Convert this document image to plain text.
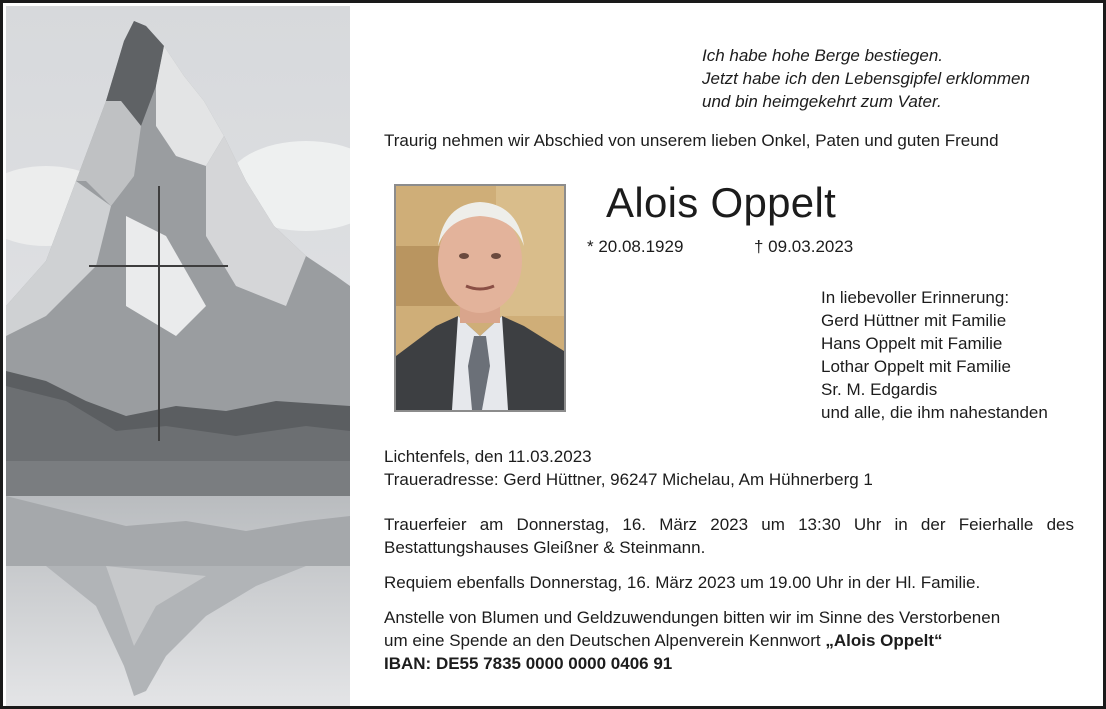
Ich habe hohe Berge bestiegen.
Jetzt habe ich den Lebensgipfel erklommen
und bin heimgekehrt zum Vater.
Traurig nehmen wir Abschied von unserem lieben Onkel, Paten und guten Freund
Alois Oppelt
* 20.08.1929	† 09.03.2023
In liebevoller Erinnerung:
Gerd Hüttner mit Familie
Hans Oppelt mit Familie
Lothar Oppelt mit Familie
Sr. M. Edgardis
und alle, die ihm nahestanden
Lichtenfels, den 11.03.2023
Traueradresse: Gerd Hüttner, 96247 Michelau, Am Hühnerberg 1
Trauerfeier am Donnerstag, 16. März 2023 um 13:30 Uhr in der Feierhalle des
Bestattungshauses Gleißner & Steinmann.
Requiem ebenfalls Donnerstag, 16. März 2023 um 19.00 Uhr in der Hl. Familie.
Anstelle von Blumen und Geldzuwendungen bitten wir im Sinne des Verstorbenen
um eine Spende an den Deutschen Alpenverein Kennwort „Alois Oppelt“
IBAN: DE55 7835 0000 0000 0406 91
